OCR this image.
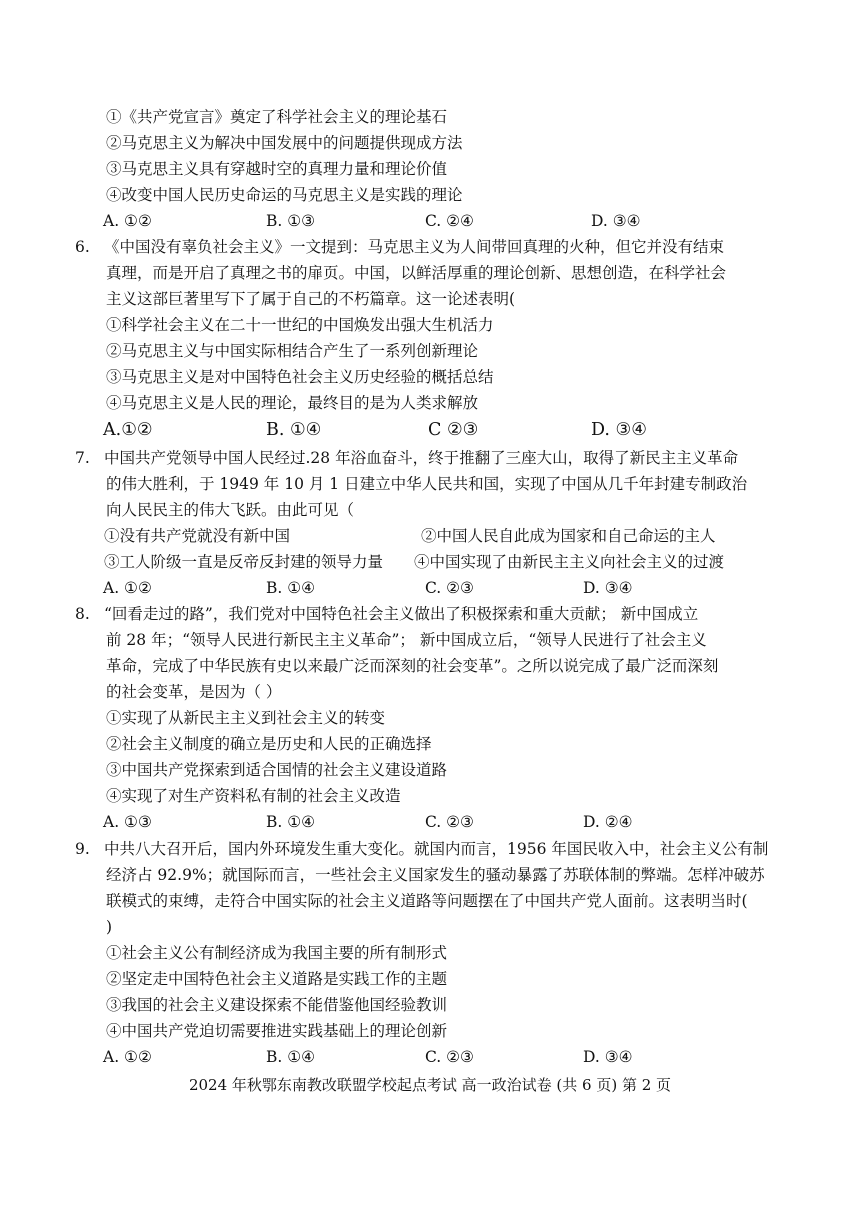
①《共产党宣言》奠定了科学社会主义的理论基石
②马克思主义为解决中国发展中的问题提供现成方法
③马克思主义具有穿越时空的真理力量和理论价值
④改变中国人民历史命运的马克思主义是实践的理论
A. ①②	B. ①③	C. ②④	D. ③④
6. 《中国没有辜负社会主义》一文提到：马克思主义为人间带回真理的火种，但它并没有结束
真理，而是开启了真理之书的扉页。中国，以鲜活厚重的理论创新、思想创造，在科学社会
主义这部巨著里写下了属于自己的不朽篇章。这一论述表明(
①科学社会主义在二十一世纪的中国焕发出强大生机活力
②马克思主义与中国实际相结合产生了一系列创新理论
③马克思主义是对中国特色社会主义历史经验的概括总结
④马克思主义是人民的理论，最终目的是为人类求解放
A.①②	B. ①④	C ②③	D. ③④
7. 中国共产党领导中国人民经过.28 年浴血奋斗，终于推翻了三座大山，取得了新民主主义革命
的伟大胜利，于 1949 年 10 月 1 日建立中华人民共和国，实现了中国从几千年封建专制政治
向人民民主的伟大飞跃。由此可见（
①没有共产党就没有新中国	②中国人民自此成为国家和自己命运的主人
③工人阶级一直是反帝反封建的领导力量 ④中国实现了由新民主主义向社会主义的过渡
A. ①②	B. ①④	C. ②③	D. ③④
8. “回看走过的路”，我们党对中国特色社会主义做出了积极探索和重大贡献； 新中国成立
前 28 年；“领导人民进行新民主主义革命”； 新中国成立后，“领导人民进行了社会主义
革命，完成了中华民族有史以来最广泛而深刻的社会变革”。之所以说完成了最广泛而深刻
的社会变革，是因为（ ）
①实现了从新民主主义到社会主义的转变
②社会主义制度的确立是历史和人民的正确选择
③中国共产党探索到适合国情的社会主义建设道路
④实现了对生产资料私有制的社会主义改造
A. ①③	B. ①④	C. ②③	D. ②④
9. 中共八大召开后，国内外环境发生重大变化。就国内而言，1956 年国民收入中，社会主义公有制
经济占 92.9%；就国际而言，一些社会主义国家发生的骚动暴露了苏联体制的弊端。怎样冲破苏
联模式的束缚，走符合中国实际的社会主义道路等问题摆在了中国共产党人面前。这表明当时(
)
①社会主义公有制经济成为我国主要的所有制形式
②坚定走中国特色社会主义道路是实践工作的主题
③我国的社会主义建设探索不能借鉴他国经验教训
④中国共产党迫切需要推进实践基础上的理论创新
A. ①②	B. ①④	C. ②③	D. ③④
2024 年秋鄂东南教改联盟学校起点考试 高一政治试卷 (共 6 页) 第 2 页
